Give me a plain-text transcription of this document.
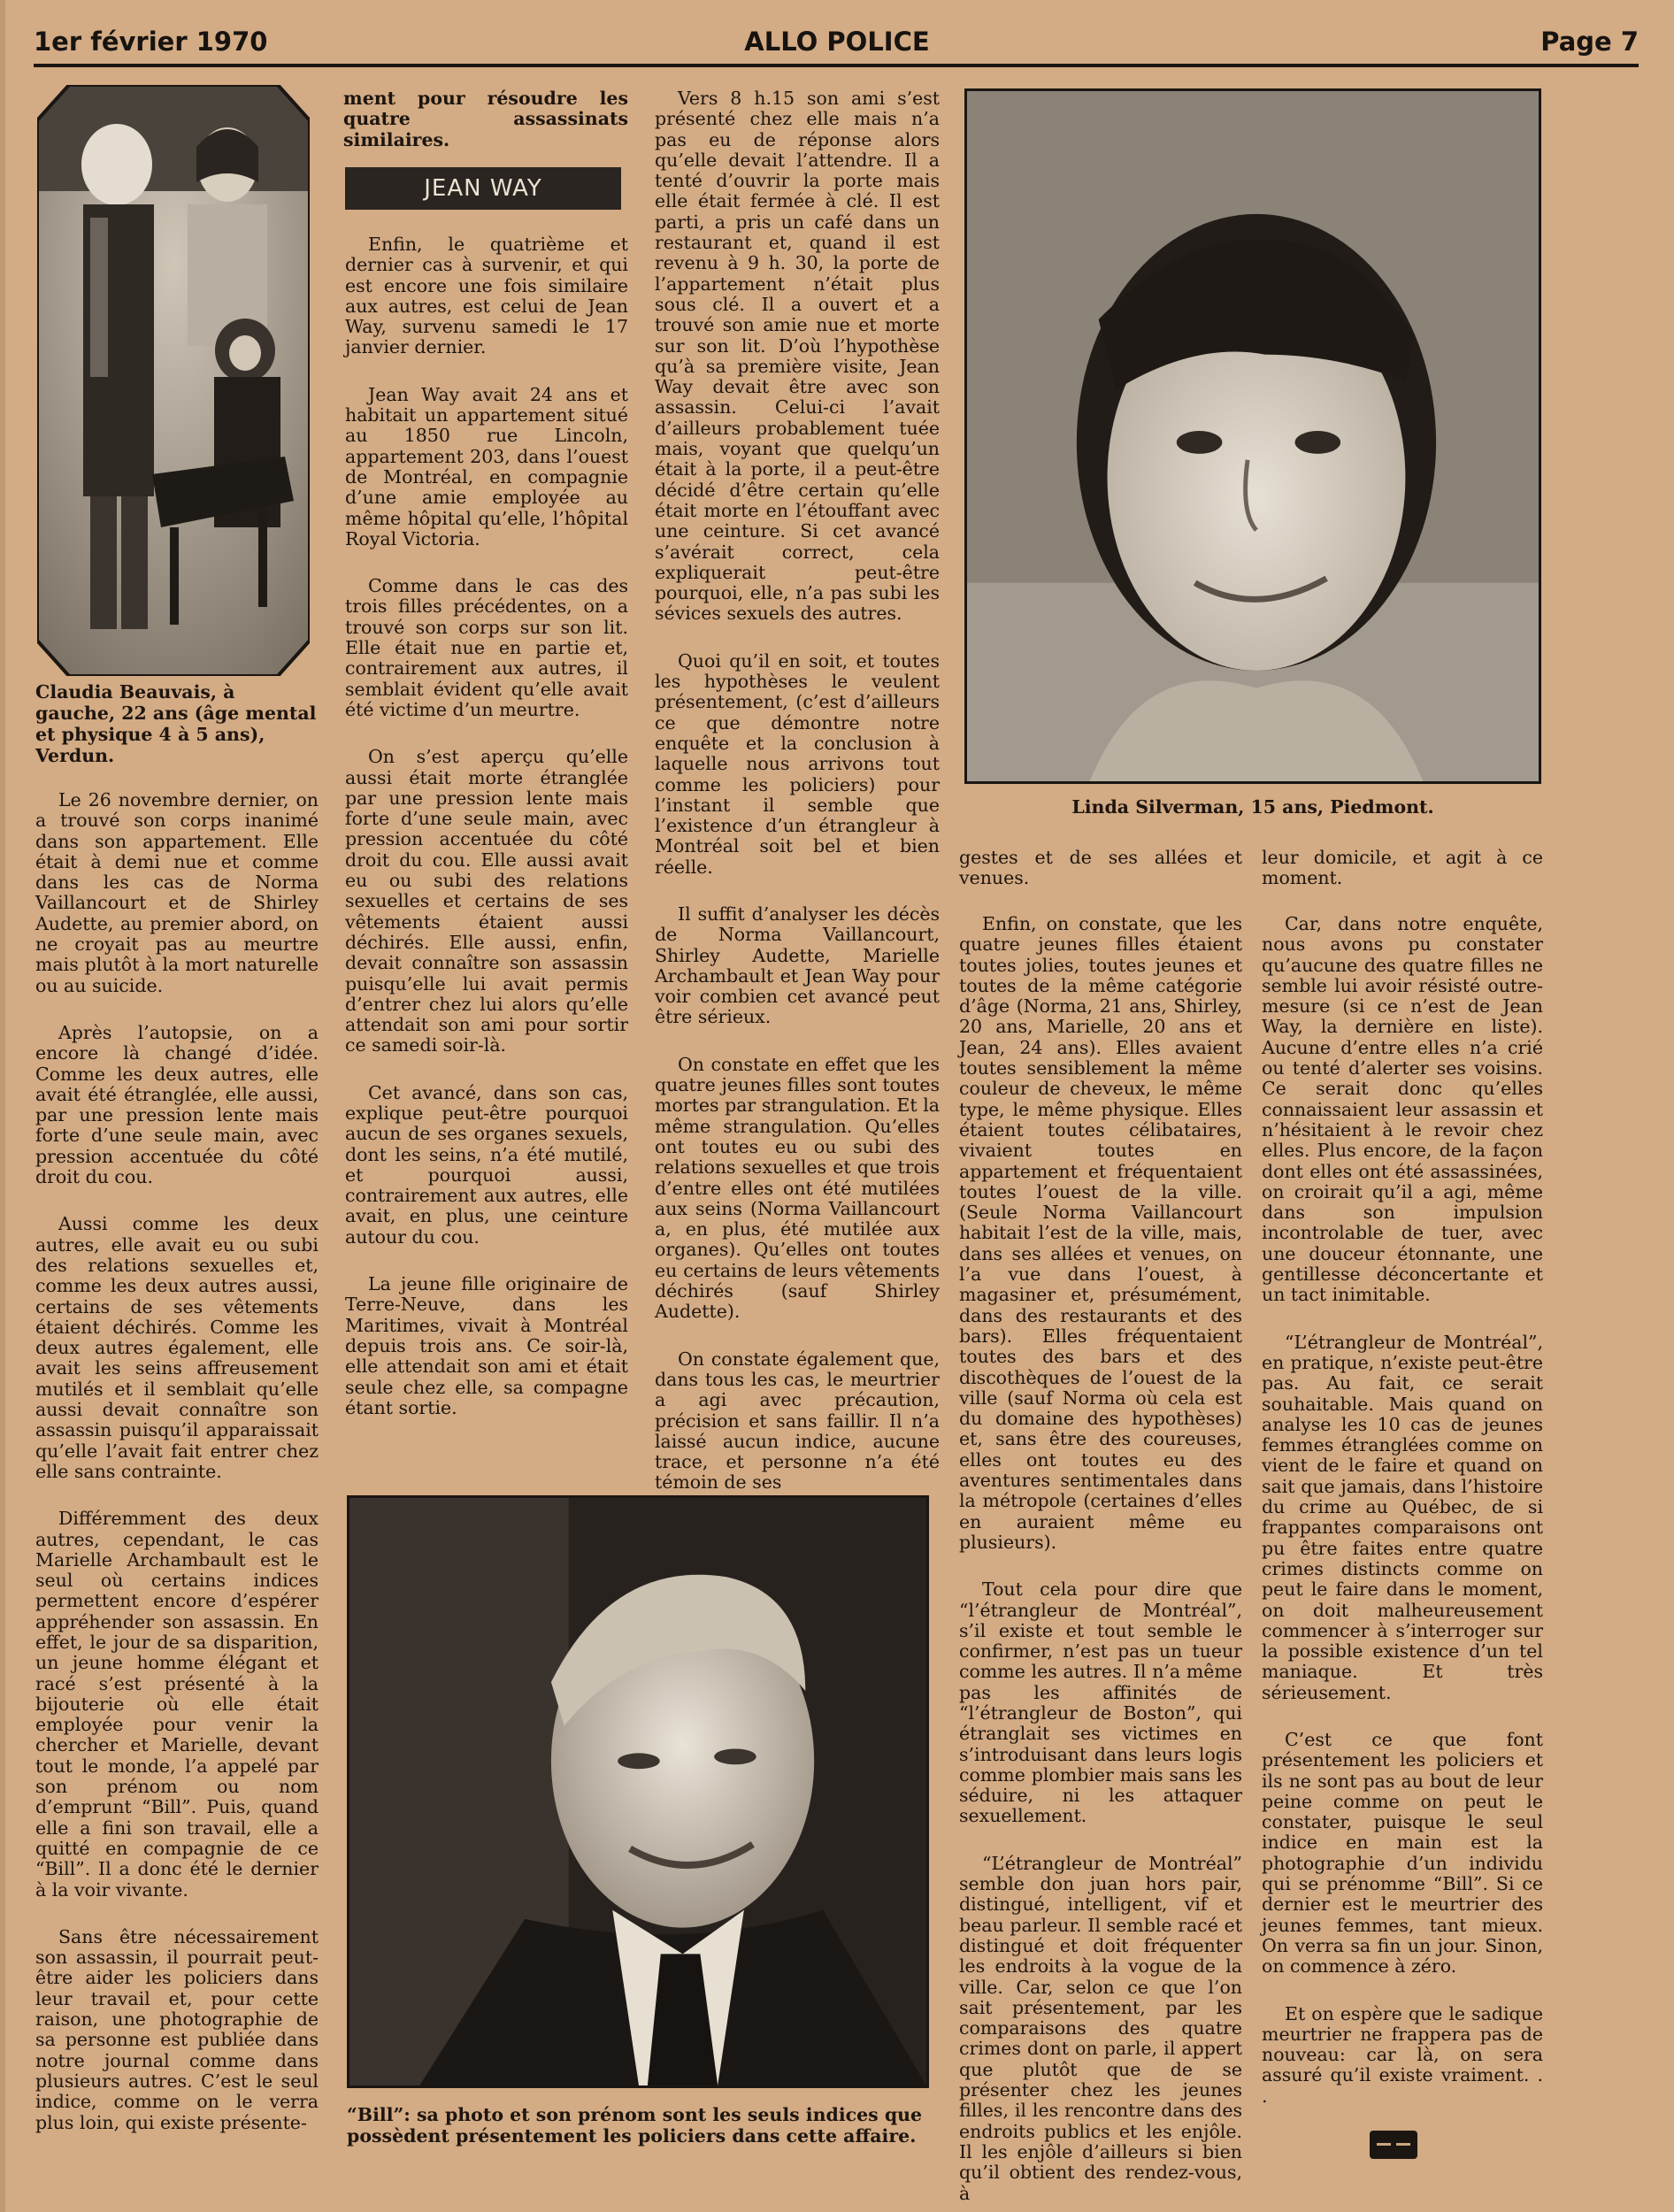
1er février 1970	ALLO POLICE	Page 7
Claudia Beauvais, à gauche, 22 ans (âge mental et physique 4 à 5 ans), Verdun.

Le 26 novembre dernier, on a trouvé son corps inanimé dans son appartement. Elle était à demi nue et comme dans les cas de Norma Vaillancourt et de Shirley Audette, au premier abord, on ne croyait pas au meurtre mais plutôt à la mort naturelle ou au suicide.

Après l’autopsie, on a encore là changé d’idée. Comme les deux autres, elle avait été étranglée, elle aussi, par une pression lente mais forte d’une seule main, avec pression accentuée du côté droit du cou.

Aussi comme les deux autres, elle avait eu ou subi des relations sexuelles et, comme les deux autres aussi, certains de ses vêtements étaient déchirés. Comme les deux autres également, elle avait les seins affreusement mutilés et il semblait qu’elle aussi devait connaître son assassin puisqu’il apparaissait qu’elle l’avait fait entrer chez elle sans contrainte.

Différemment des deux autres, cependant, le cas Marielle Archambault est le seul où certains indices permettent encore d’espérer appréhender son assassin. En effet, le jour de sa disparition, un jeune homme élégant et racé s’est présenté à la bijouterie où elle était employée pour venir la chercher et Marielle, devant tout le monde, l’a appelé par son prénom ou nom d’emprunt “Bill”. Puis, quand elle a fini son travail, elle a quitté en compagnie de ce “Bill”. Il a donc été le dernier à la voir vivante.

Sans être nécessairement son assassin, il pourrait peut-être aider les policiers dans leur travail et, pour cette raison, une photographie de sa personne est publiée dans notre journal comme dans plusieurs autres. C’est le seul indice, comme on le verra plus loin, qui existe présente-

ment pour résoudre les quatre assassinats similaires.

JEAN WAY

Enfin, le quatrième et dernier cas à survenir, et qui est encore une fois similaire aux autres, est celui de Jean Way, survenu samedi le 17 janvier dernier.

Jean Way avait 24 ans et habitait un appartement situé au 1850 rue Lincoln, appartement 203, dans l’ouest de Montréal, en compagnie d’une amie employée au même hôpital qu’elle, l’hôpital Royal Victoria.

Comme dans le cas des trois filles précédentes, on a trouvé son corps sur son lit. Elle était nue en partie et, contrairement aux autres, il semblait évident qu’elle avait été victime d’un meurtre.

On s’est aperçu qu’elle aussi était morte étranglée par une pression lente mais forte d’une seule main, avec pression accentuée du côté droit du cou. Elle aussi avait eu ou subi des relations sexuelles et certains de ses vêtements étaient aussi déchirés. Elle aussi, enfin, devait connaître son assassin puisqu’elle lui avait permis d’entrer chez lui alors qu’elle attendait son ami pour sortir ce samedi soir-là.

Cet avancé, dans son cas, explique peut-être pourquoi aucun de ses organes sexuels, dont les seins, n’a été mutilé, et pourquoi aussi, contrairement aux autres, elle avait, en plus, une ceinture autour du cou.

La jeune fille originaire de Terre-Neuve, dans les Maritimes, vivait à Montréal depuis trois ans. Ce soir-là, elle attendait son ami et était seule chez elle, sa compagne étant sortie.

Vers 8 h.15 son ami s’est présenté chez elle mais n’a pas eu de réponse alors qu’elle devait l’attendre. Il a tenté d’ouvrir la porte mais elle était fermée à clé. Il est parti, a pris un café dans un restaurant et, quand il est revenu à 9 h. 30, la porte de l’appartement n’était plus sous clé. Il a ouvert et a trouvé son amie nue et morte sur son lit. D’où l’hypothèse qu’à sa première visite, Jean Way devait être avec son assassin. Celui-ci l’avait d’ailleurs probablement tuée mais, voyant que quelqu’un était à la porte, il a peut-être décidé d’être certain qu’elle était morte en l’étouffant avec une ceinture. Si cet avancé s’avérait correct, cela expliquerait peut-être pourquoi, elle, n’a pas subi les sévices sexuels des autres.

Quoi qu’il en soit, et toutes les hypothèses le veulent présentement, (c’est d’ailleurs ce que démontre notre enquête et la conclusion à laquelle nous arrivons tout comme les policiers) pour l’instant il semble que l’existence d’un étrangleur à Montréal soit bel et bien réelle.

Il suffit d’analyser les décès de Norma Vaillancourt, Shirley Audette, Marielle Archambault et Jean Way pour voir combien cet avancé peut être sérieux.

On constate en effet que les quatre jeunes filles sont toutes mortes par strangulation. Et la même strangulation. Qu’elles ont toutes eu ou subi des relations sexuelles et que trois d’entre elles ont été mutilées aux seins (Norma Vaillancourt a, en plus, été mutilée aux organes). Qu’elles ont toutes eu certains de leurs vêtements déchirés (sauf Shirley Audette).

On constate également que, dans tous les cas, le meurtrier a agi avec précaution, précision et sans faillir. Il n’a laissé aucun indice, aucune trace, et personne n’a été témoin de ses

Linda Silverman, 15 ans, Piedmont.
“Bill”: sa photo et son prénom sont les seuls indices que possèdent présentement les policiers dans cette affaire.

gestes et de ses allées et venues.

Enfin, on constate, que les quatre jeunes filles étaient toutes jolies, toutes jeunes et toutes de la même catégorie d’âge (Norma, 21 ans, Shirley, 20 ans, Marielle, 20 ans et Jean, 24 ans). Elles avaient toutes sensiblement la même couleur de cheveux, le même type, le même physique. Elles étaient toutes célibataires, vivaient toutes en appartement et fréquentaient toutes l’ouest de la ville. (Seule Norma Vaillancourt habitait l’est de la ville, mais, dans ses allées et venues, on l’a vue dans l’ouest, à magasiner et, présumément, dans des restaurants et des bars). Elles fréquentaient toutes des bars et des discothèques de l’ouest de la ville (sauf Norma où cela est du domaine des hypothèses) et, sans être des coureuses, elles ont toutes eu des aventures sentimentales dans la métropole (certaines d’elles en auraient même eu plusieurs).

Tout cela pour dire que “l’étrangleur de Montréal”, s’il existe et tout semble le confirmer, n’est pas un tueur comme les autres. Il n’a même pas les affinités de “l’étrangleur de Boston”, qui étranglait ses victimes en s’introduisant dans leurs logis comme plombier mais sans les séduire, ni les attaquer sexuellement.

“L’étrangleur de Montréal” semble don juan hors pair, distingué, intelligent, vif et beau parleur. Il semble racé et distingué et doit fréquenter les endroits à la vogue de la ville. Car, selon ce que l’on sait présentement, par les comparaisons des quatre crimes dont on parle, il appert que plutôt que de se présenter chez les jeunes filles, il les rencontre dans des endroits publics et les enjôle. Il les enjôle d’ailleurs si bien qu’il obtient des rendez-vous, à

leur domicile, et agit à ce moment.

Car, dans notre enquête, nous avons pu constater qu’aucune des quatre filles ne semble lui avoir résisté outre-mesure (si ce n’est de Jean Way, la dernière en liste). Aucune d’entre elles n’a crié ou tenté d’alerter ses voisins. Ce serait donc qu’elles connaissaient leur assassin et n’hésitaient à le revoir chez elles. Plus encore, de la façon dont elles ont été assassinées, on croirait qu’il a agi, même dans son impulsion incontrolable de tuer, avec une douceur étonnante, une gentillesse déconcertante et un tact inimitable.

“L’étrangleur de Montréal”, en pratique, n’existe peut-être pas. Au fait, ce serait souhaitable. Mais quand on analyse les 10 cas de jeunes femmes étranglées comme on vient de le faire et quand on sait que jamais, dans l’histoire du crime au Québec, de si frappantes comparaisons ont pu être faites entre quatre crimes distincts comme on peut le faire dans le moment, on doit malheureusement commencer à s’interroger sur la possible existence d’un tel maniaque. Et très sérieusement.

C’est ce que font présentement les policiers et ils ne sont pas au bout de leur peine comme on peut le constater, puisque le seul indice en main est la photographie d’un individu qui se prénomme “Bill”. Si ce dernier est le meurtrier des jeunes femmes, tant mieux. On verra sa fin un jour. Sinon, on commence à zéro.

Et on espère que le sadique meurtrier ne frappera pas de nouveau: car là, on sera assuré qu’il existe vraiment. . .
